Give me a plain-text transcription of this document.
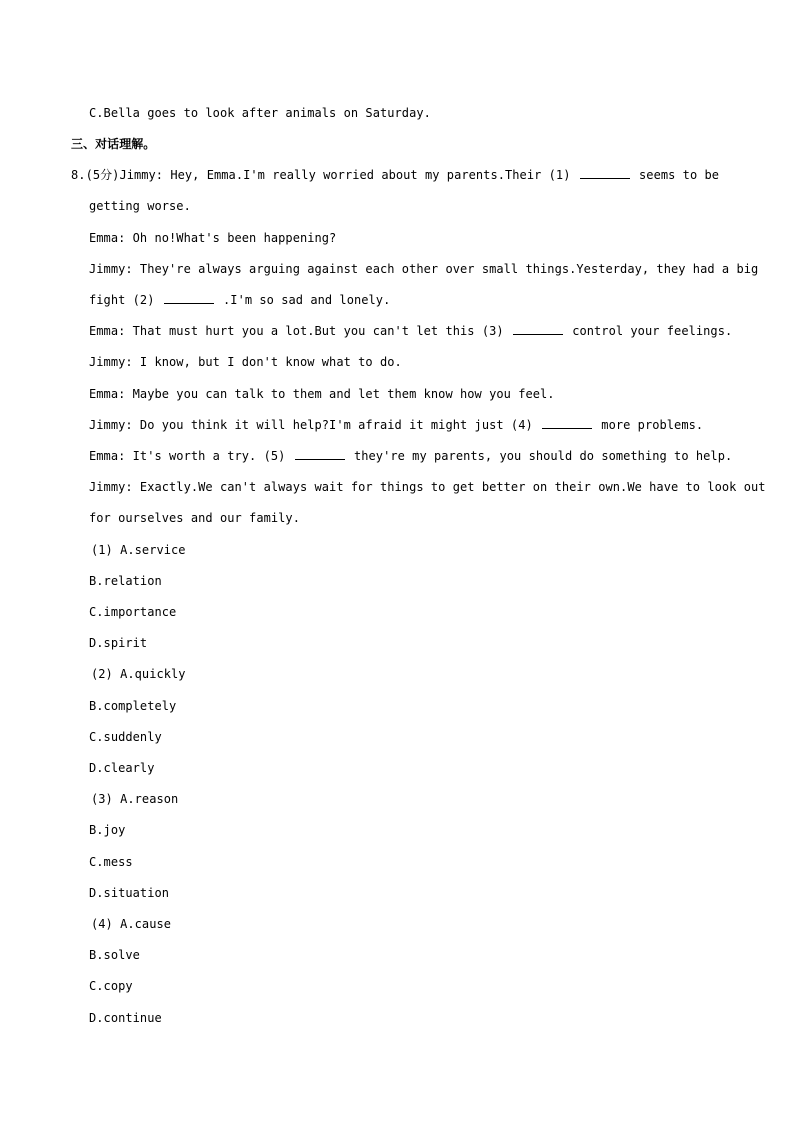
C.Bella goes to look after animals on Saturday.
三、对话理解。
8.(5分)Jimmy: Hey, Emma.I'm really worried about my parents.Their (1)	seems to be
getting worse.
Emma: Oh no!What's been happening?
Jimmy: They're always arguing against each other over small things.Yesterday, they had a big
fight (2)	.I'm so sad and lonely.
Emma: That must hurt you a lot.But you can't let this (3)	control your feelings.
Jimmy: I know, but I don't know what to do.
Emma: Maybe you can talk to them and let them know how you feel.
Jimmy: Do you think it will help?I'm afraid it might just (4)	more problems.
Emma: It's worth a try. (5)	they're my parents, you should do something to help.
Jimmy: Exactly.We can't always wait for things to get better on their own.We have to look out
for ourselves and our family.
(1) A.service
B.relation
C.importance
D.spirit
(2) A.quickly
B.completely
C.suddenly
D.clearly
(3) A.reason
B.joy
C.mess
D.situation
(4) A.cause
B.solve
C.copy
D.continue
